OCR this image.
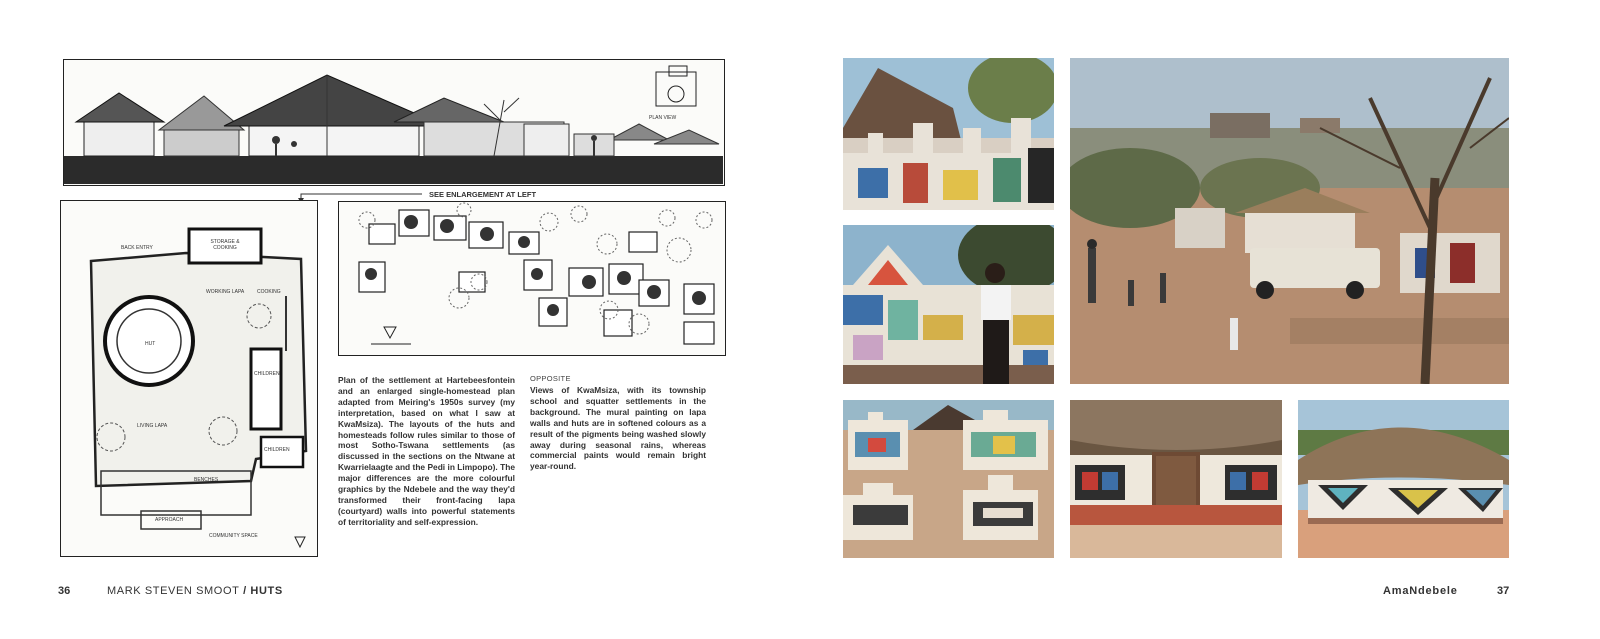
PLAN VIEW
SEE ENLARGEMENT AT LEFT
BACK ENTRY
STORAGE & COOKING
WORKING LAPA	COOKING
HUT
CHILDREN
LIVING LAPA
CHILDREN
BENCHES
APPROACH
COMMUNITY SPACE
Plan of the settlement at Hartebeesfontein and an enlarged single-homestead plan adapted from Meiring's 1950s survey (my interpretation, based on what I saw at KwaMsiza). The layouts of the huts and homesteads follow rules similar to those of most Sotho-Tswana settlements (as discussed in the sections on the Ntwane at Kwarrielaagte and the Pedi in Limpopo). The major differences are the more colourful graphics by the Ndebele and the way they'd transformed their front-facing lapa (courtyard) walls into powerful statements of territoriality and self-expression.
OPPOSITE
Views of KwaMsiza, with its township school and squatter settlements in the background. The mural painting on lapa walls and huts are in softened colours as a result of the pigments being washed slowly away during seasonal rains, whereas commercial paints would remain bright year-round.
36	MARK STEVEN SMOOT / HUTS	AmaNdebele	37
